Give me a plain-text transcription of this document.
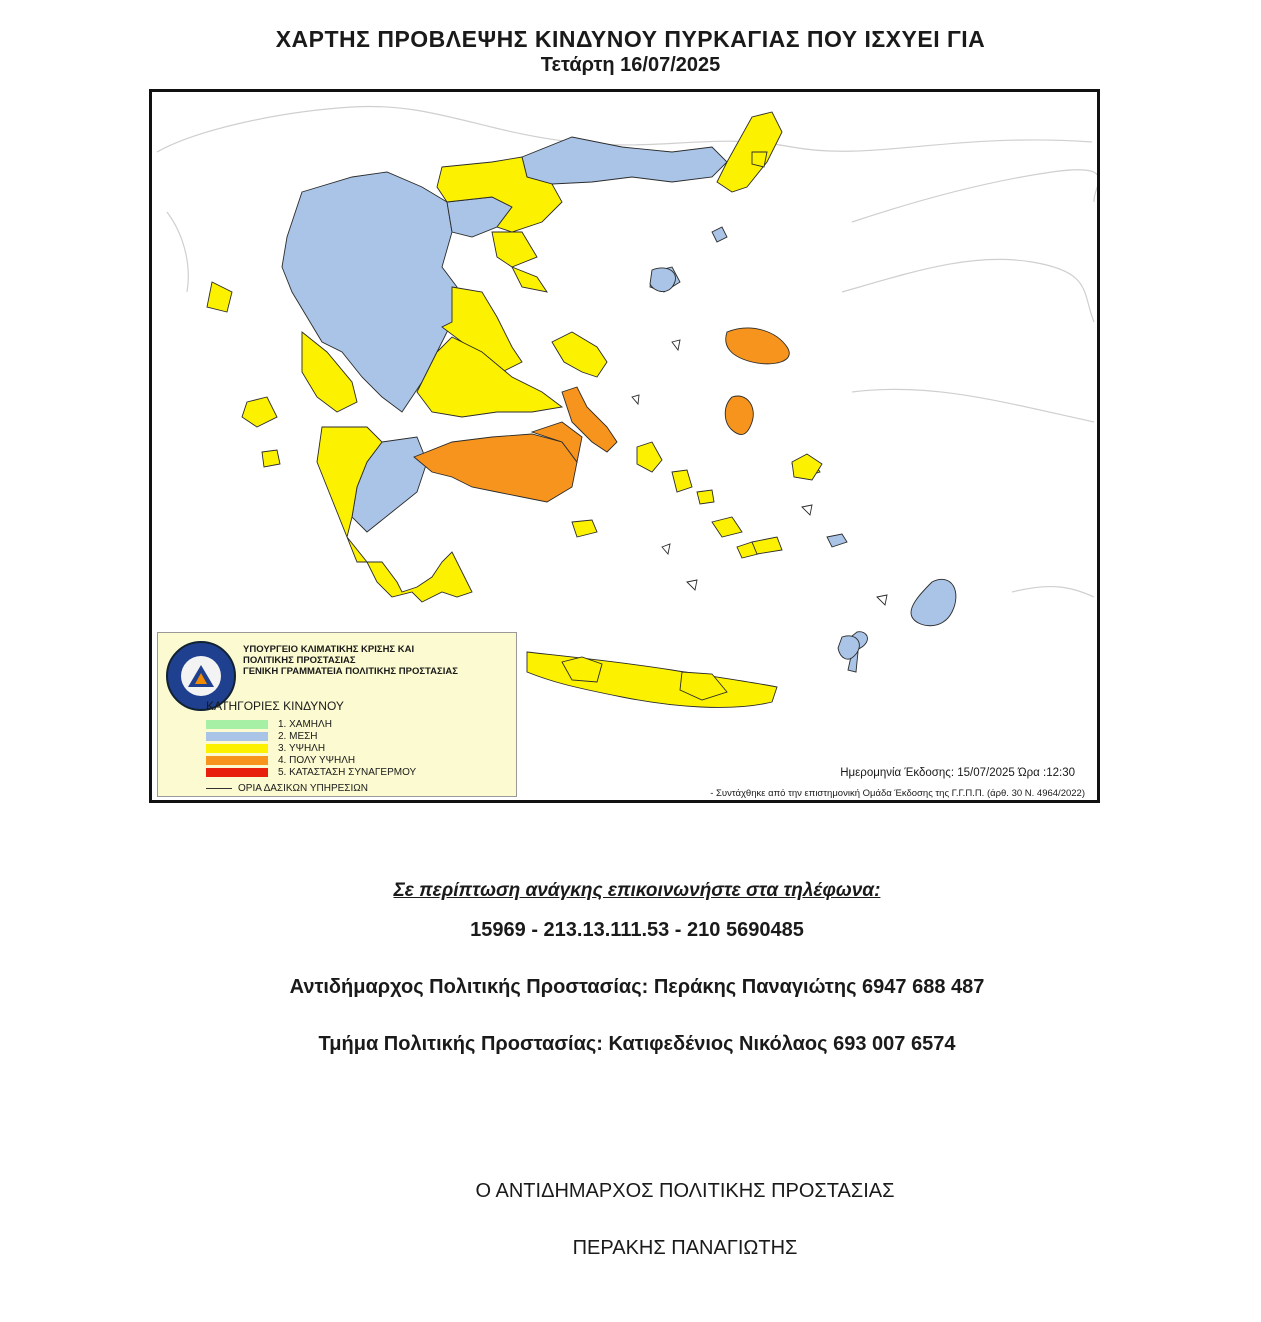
ΧΑΡΤΗΣ ΠΡΟΒΛΕΨΗΣ ΚΙΝΔΥΝΟΥ ΠΥΡΚΑΓΙΑΣ ΠΟΥ ΙΣΧΥΕΙ ΓΙΑ
Τετάρτη 16/07/2025
ΥΠΟΥΡΓΕΙΟ ΚΛΙΜΑΤΙΚΗΣ ΚΡΙΣΗΣ ΚΑΙ
ΠΟΛΙΤΙΚΗΣ ΠΡΟΣΤΑΣΙΑΣ
ΓΕΝΙΚΗ ΓΡΑΜΜΑΤΕΙΑ ΠΟΛΙΤΙΚΗΣ ΠΡΟΣΤΑΣΙΑΣ
ΚΑΤΗΓΟΡΙΕΣ ΚΙΝΔΥΝΟΥ
1. ΧΑΜΗΛΗ
2. ΜΕΣΗ
3. ΥΨΗΛΗ
4. ΠΟΛΥ ΥΨΗΛΗ
5. ΚΑΤΑΣΤΑΣΗ ΣΥΝΑΓΕΡΜΟΥ
ΟΡΙΑ ΔΑΣΙΚΩΝ ΥΠΗΡΕΣΙΩΝ
Ημερομηνία Έκδοσης: 15/07/2025 Ώρα :12:30
- Συντάχθηκε από την επιστημονική Ομάδα Έκδοσης της Γ.Γ.Π.Π. (άρθ. 30 Ν. 4964/2022)
Σε περίπτωση ανάγκης επικοινωνήστε στα τηλέφωνα:
15969 - 213.13.111.53 - 210 5690485
Αντιδήμαρχος Πολιτικής Προστασίας: Περάκης Παναγιώτης 6947 688 487
Τμήμα Πολιτικής Προστασίας: Κατιφεδένιος Νικόλαος 693 007 6574
Ο ΑΝΤΙΔΗΜΑΡΧΟΣ ΠΟΛΙΤΙΚΗΣ ΠΡΟΣΤΑΣΙΑΣ
ΠΕΡΑΚΗΣ ΠΑΝΑΓΙΩΤΗΣ
